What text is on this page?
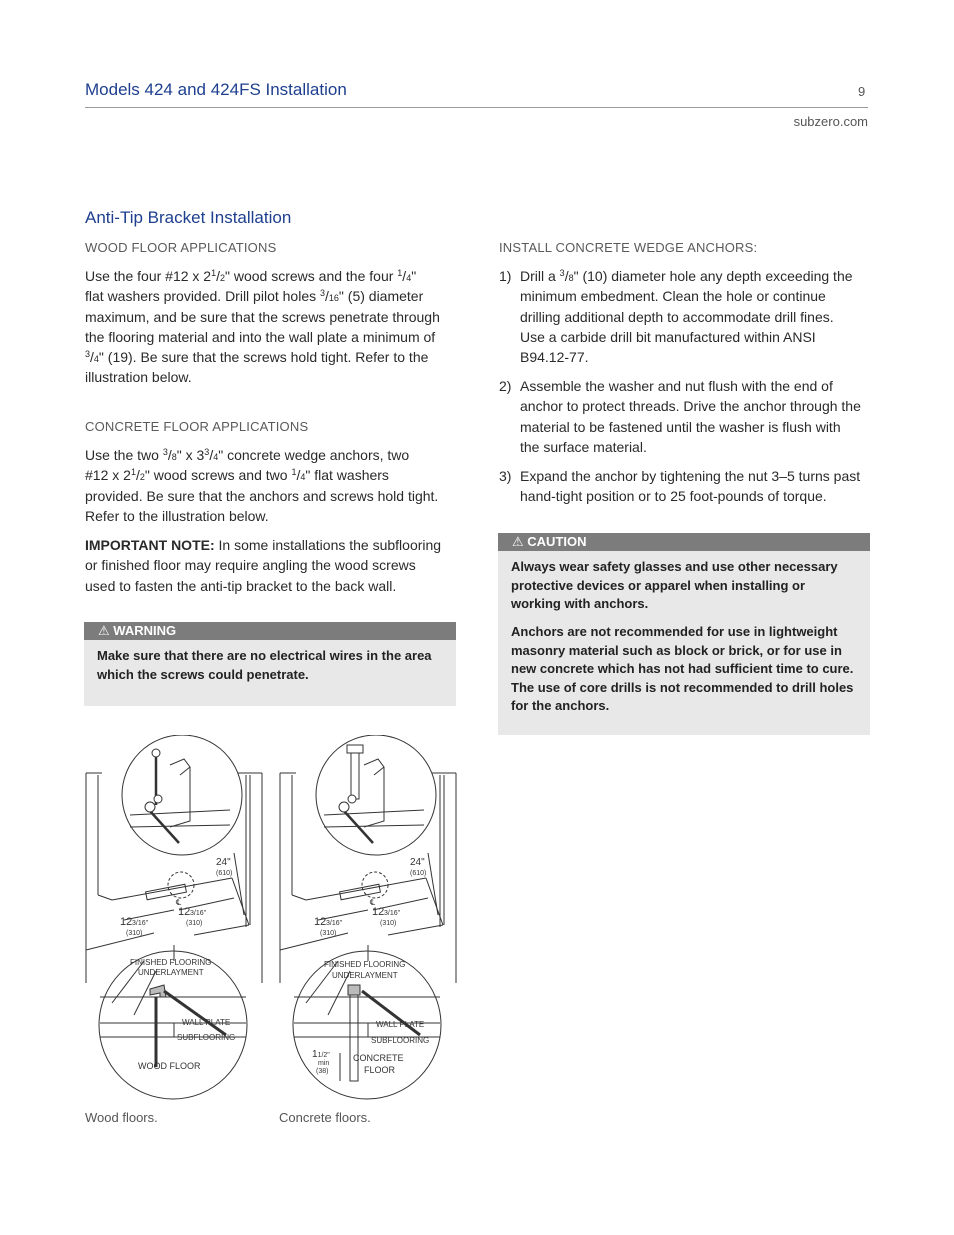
Models 424 and 424FS Installation	9
subzero.com
Anti-Tip Bracket Installation
WOOD FLOOR APPLICATIONS
Use the four #12 x $2^1/2$" wood screws and the four $^1$/4"
flat washers provided. Drill pilot holes $^3$/16" (5) diameter
maximum, and be sure that the screws penetrate through
the flooring material and into the wall plate a minimum of
$^3$/4" (19). Be sure that the screws hold tight. Refer to the
illustration below.
CONCRETE FLOOR APPLICATIONS
Use the two $^3$/8" x $3^3/4$" concrete wedge anchors, two
#12 x $2^1/2$" wood screws and two $^1$/4" flat washers
provided. Be sure that the anchors and screws hold tight.
Refer to the illustration below.
IMPORTANT NOTE: In some installations the subflooring
or finished floor may require angling the wood screws
used to fasten the anti-tip bracket to the back wall.
⚠ WARNING
Make sure that there are no electrical wires in the area
which the screws could penetrate.
INSTALL CONCRETE WEDGE ANCHORS:
1) Drill a $^3$/8" (10) diameter hole any depth exceeding the
minimum embedment. Clean the hole or continue
drilling additional depth to accommodate drill fines.
Use a carbide drill bit manufactured within ANSI
B94.12-77.
2) Assemble the washer and nut flush with the end of
anchor to protect threads. Drive the anchor through the
material to be fastened until the washer is flush with
the surface material.
3) Expand the anchor by tightening the nut 3–5 turns past
hand-tight position or to 25 foot-pounds of torque.
⚠ CAUTION
Always wear safety glasses and use other necessary
protective devices or apparel when installing or
working with anchors.
Anchors are not recommended for use in lightweight
masonry material such as block or brick, or for use in
new concrete which has not had sufficient time to cure.
The use of core drills is not recommended to drill holes
for the anchors.
24"
(610)
12 3/16"
(310)
12 3/16"
(310)
℄
FINISHED FLOORING
UNDERLAYMENT
WALL PLATE
SUBFLOORING
WOOD FLOOR
24"
(610)
12 3/16"
(310)
12 3/16"
(310)
℄
FINISHED FLOORING
UNDERLAYMENT
WALL PLATE
SUBFLOORING
11/2"
min
(38)
CONCRETE
FLOOR
Wood floors.	Concrete floors.
